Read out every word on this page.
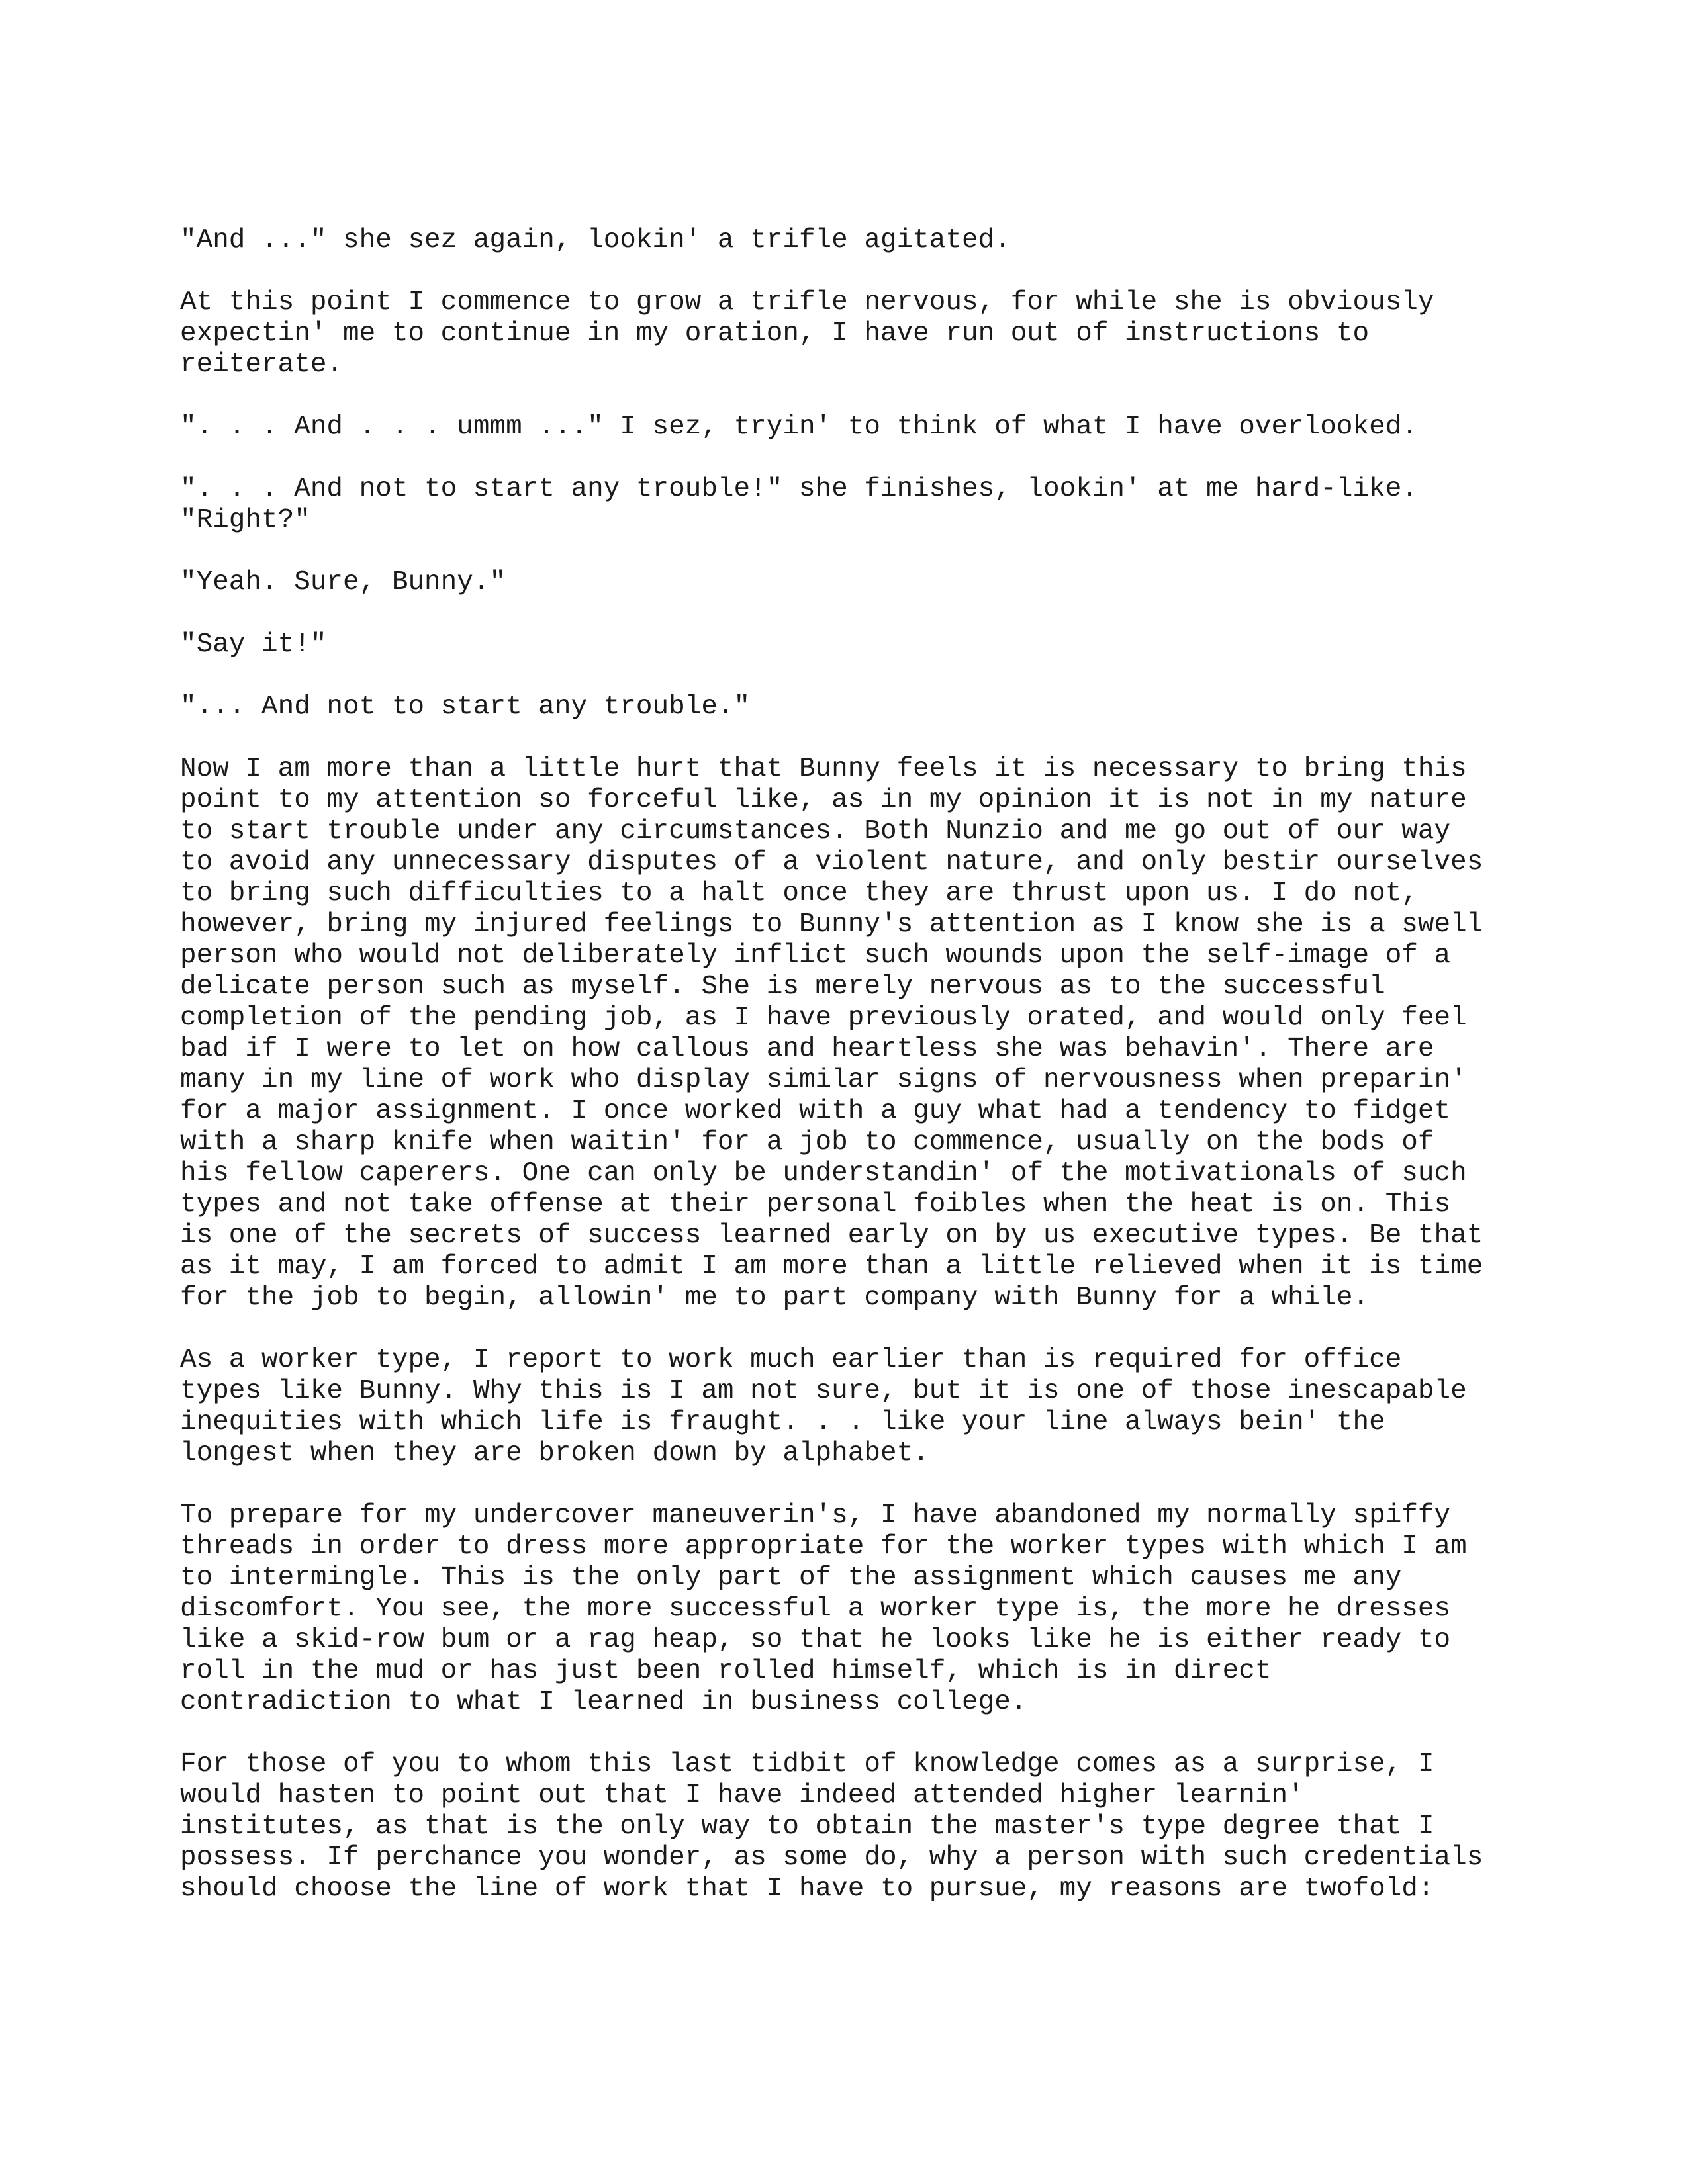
"And ..." she sez again, lookin' a trifle agitated.

At this point I commence to grow a trifle nervous, for while she is obviously
expectin' me to continue in my oration, I have run out of instructions to
reiterate.

". . . And . . . ummm ..." I sez, tryin' to think of what I have overlooked.

". . . And not to start any trouble!" she finishes, lookin' at me hard-like.
"Right?"

"Yeah. Sure, Bunny."

"Say it!"

"... And not to start any trouble."

Now I am more than a little hurt that Bunny feels it is necessary to bring this
point to my attention so forceful like, as in my opinion it is not in my nature
to start trouble under any circumstances. Both Nunzio and me go out of our way
to avoid any unnecessary disputes of a violent nature, and only bestir ourselves
to bring such difficulties to a halt once they are thrust upon us. I do not,
however, bring my injured feelings to Bunny's attention as I know she is a swell
person who would not deliberately inflict such wounds upon the self-image of a
delicate person such as myself. She is merely nervous as to the successful
completion of the pending job, as I have previously orated, and would only feel
bad if I were to let on how callous and heartless she was behavin'. There are
many in my line of work who display similar signs of nervousness when preparin'
for a major assignment. I once worked with a guy what had a tendency to fidget
with a sharp knife when waitin' for a job to commence, usually on the bods of
his fellow caperers. One can only be understandin' of the motivationals of such
types and not take offense at their personal foibles when the heat is on. This
is one of the secrets of success learned early on by us executive types. Be that
as it may, I am forced to admit I am more than a little relieved when it is time
for the job to begin, allowin' me to part company with Bunny for a while.

As a worker type, I report to work much earlier than is required for office
types like Bunny. Why this is I am not sure, but it is one of those inescapable
inequities with which life is fraught. . . like your line always bein' the
longest when they are broken down by alphabet.

To prepare for my undercover maneuverin's, I have abandoned my normally spiffy
threads in order to dress more appropriate for the worker types with which I am
to intermingle. This is the only part of the assignment which causes me any
discomfort. You see, the more successful a worker type is, the more he dresses
like a skid-row bum or a rag heap, so that he looks like he is either ready to
roll in the mud or has just been rolled himself, which is in direct
contradiction to what I learned in business college.

For those of you to whom this last tidbit of knowledge comes as a surprise, I
would hasten to point out that I have indeed attended higher learnin'
institutes, as that is the only way to obtain the master's type degree that I
possess. If perchance you wonder, as some do, why a person with such credentials
should choose the line of work that I have to pursue, my reasons are twofold:
